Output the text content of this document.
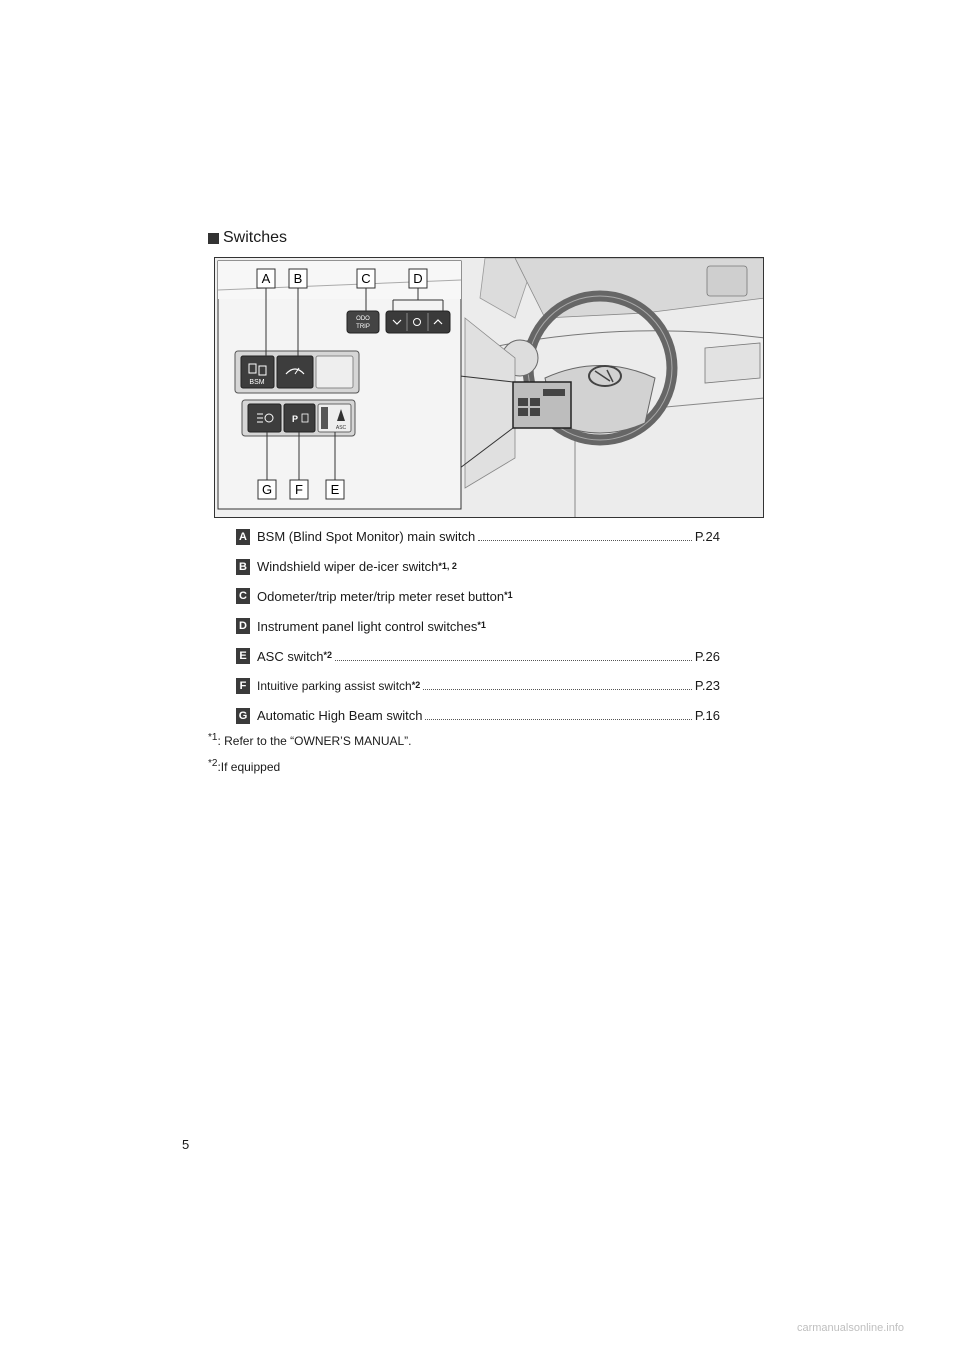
Switches
ODO
TRIP
BSM
P
ASC
A B	C	D
G F E
A BSM (Blind Spot Monitor) main switch	P.24
B Windshield wiper de-icer switch *1, 2
C Odometer/trip meter/trip meter reset button *1
D Instrument panel light control switches *1
E ASC switch *2	P.26
F Intuitive parking assist switch *2	P.23
G Automatic High Beam switch	P.16
$^{*1}$: Refer to the “OWNER’S MANUAL”.
$^{*2}$:If equipped
5
carmanualsonline.info
